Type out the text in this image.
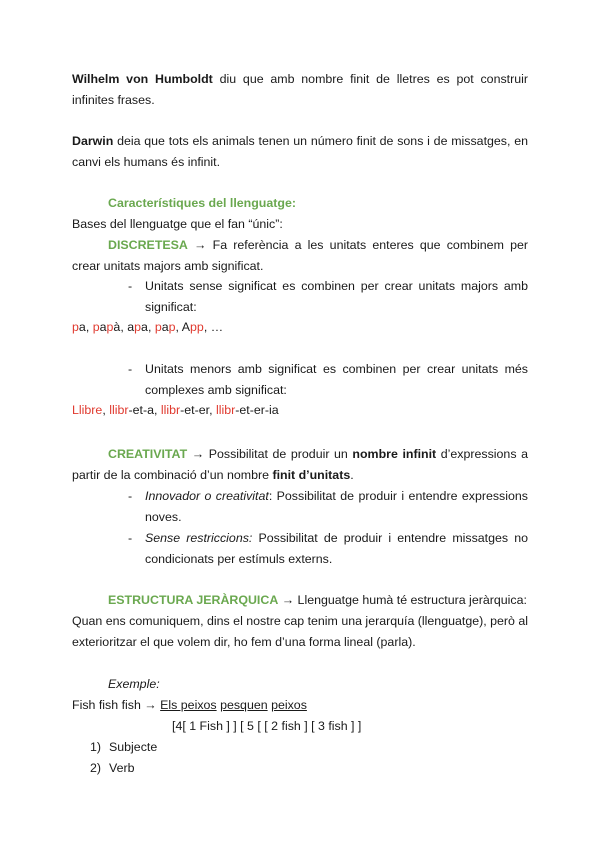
Wilhelm von Humboldt diu que amb nombre finit de lletres es pot construir infinites frases.

Darwin deia que tots els animals tenen un número finit de sons i de missatges, en canvi els humans és infinit.

Característiques del llenguatge:

Bases del llenguatge que el fan “únic”:

DISCRETESA → Fa referència a les unitats enteres que combinem per crear unitats majors amb significat.

- Unitats sense significat es combinen per crear unitats majors amb significat:

pa, papà, apa, pap, App, …

- Unitats menors amb significat es combinen per crear unitats més complexes amb significat:

Llibre, llibr-et-a, llibr-et-er, llibr-et-er-ia

CREATIVITAT → Possibilitat de produir un nombre infinit d’expressions a partir de la combinació d’un nombre finit d’unitats.

- Innovador o creativitat: Possibilitat de produir i entendre expressions noves.

- Sense restriccions: Possibilitat de produir i entendre missatges no condicionats per estímuls externs.

ESTRUCTURA JERÀRQUICA → Llenguatge humà té estructura jeràrquica:

Quan ens comuniquem, dins el nostre cap tenim una jerarquía (llenguatge), però al exterioritzar el que volem dir, ho fem d’una forma lineal (parla).

Exemple:

Fish fish fish → Els peixos pesquen peixos

[4[ 1 Fish ] ] [ 5 [ [ 2 fish ] [ 3 fish ] ]

1) Subjecte
2) Verb
